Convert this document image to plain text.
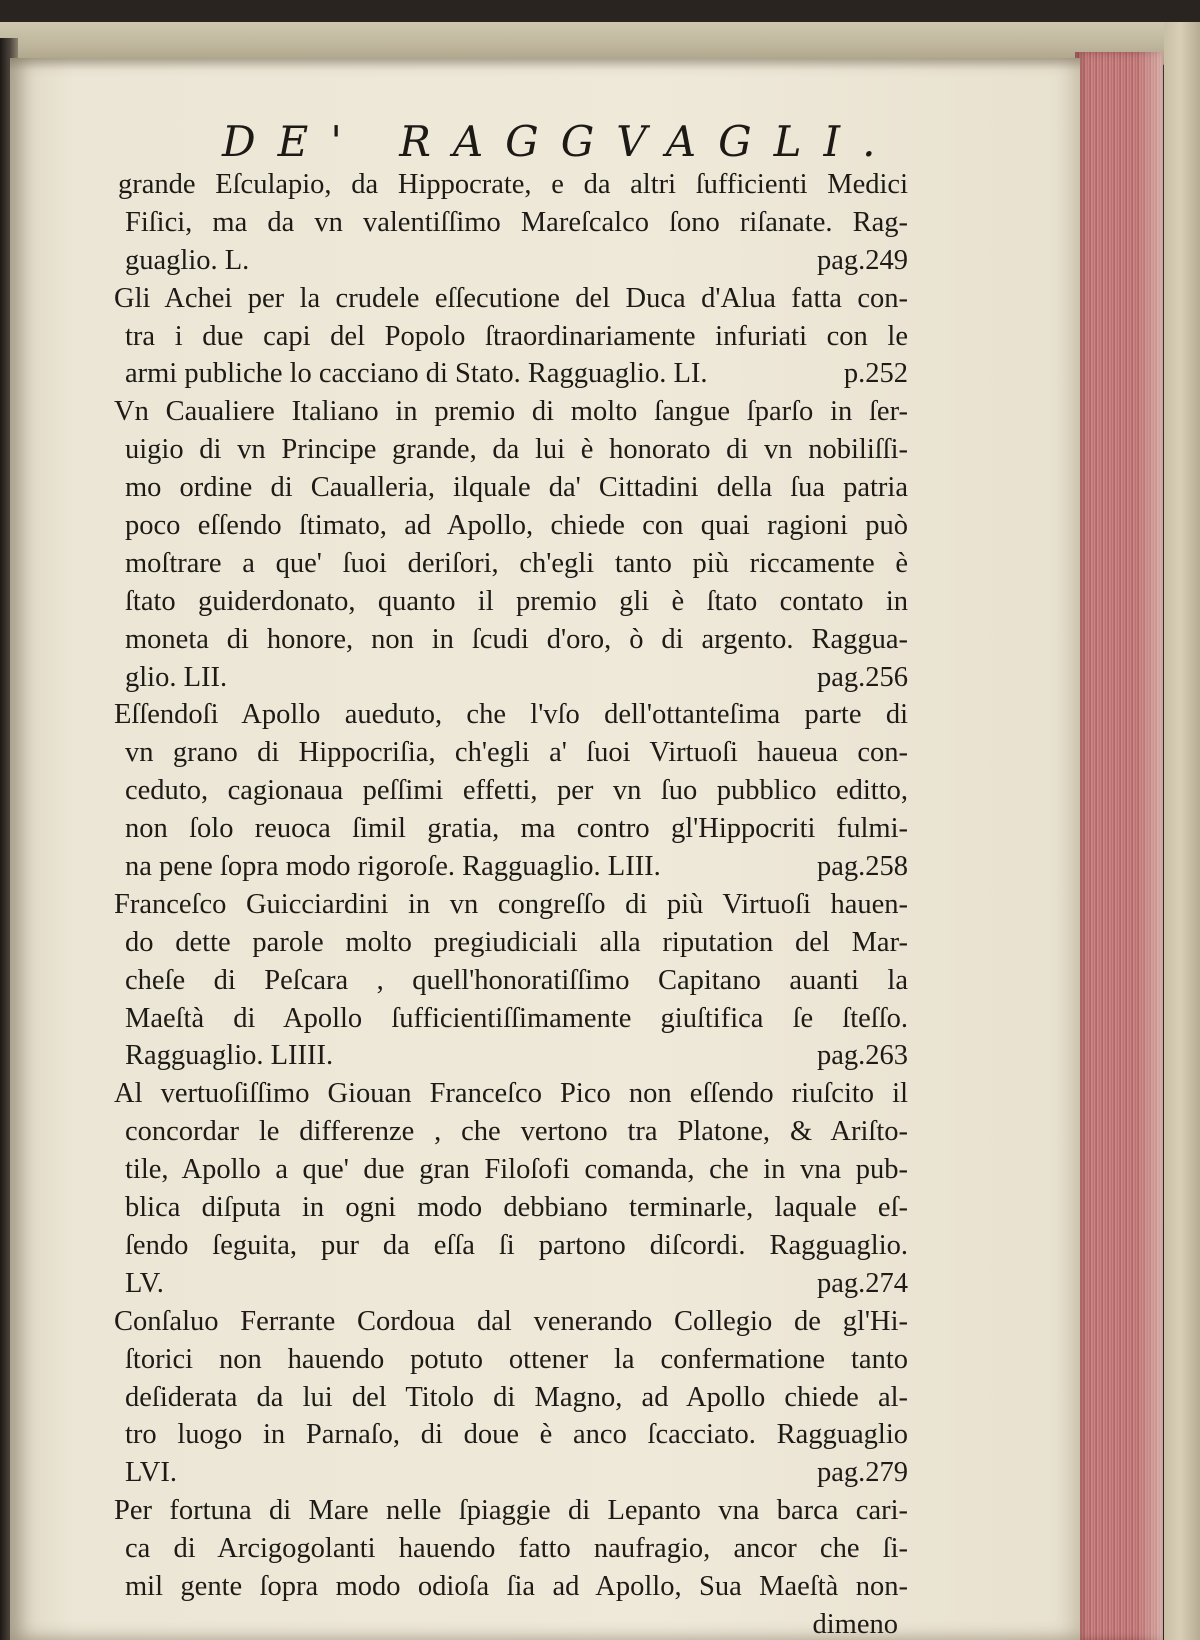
DE' RAGGVAGLI.
grande Eſculapio, da Hippocrate, e da altri ſufficienti Medici
Fiſici, ma da vn valentiſſimo Mareſcalco ſono riſanate. Rag-
guaglio. L.	pag.249
Gli Achei per la crudele eſſecutione del Duca d'Alua fatta con-
tra i due capi del Popolo ſtraordinariamente infuriati con le
armi publiche lo cacciano di Stato. Ragguaglio. LI.	p.252
Vn Caualiere Italiano in premio di molto ſangue ſparſo in ſer-
uigio di vn Principe grande, da lui è honorato di vn nobiliſſi-
mo ordine di Caualleria, ilquale da' Cittadini della ſua patria
poco eſſendo ſtimato, ad Apollo, chiede con quai ragioni può
moſtrare a que' ſuoi deriſori, ch'egli tanto più riccamente è
ſtato guiderdonato, quanto il premio gli è ſtato contato in
moneta di honore, non in ſcudi d'oro, ò di argento. Raggua-
glio. LII.	pag.256
Eſſendoſi Apollo aueduto, che l'vſo dell'ottanteſima parte di
vn grano di Hippocriſia, ch'egli a' ſuoi Virtuoſi haueua con-
ceduto, cagionaua peſſimi effetti, per vn ſuo pubblico editto,
non ſolo reuoca ſimil gratia, ma contro gl'Hippocriti fulmi-
na pene ſopra modo rigoroſe. Ragguaglio. LIII.	pag.258
Franceſco Guicciardini in vn congreſſo di più Virtuoſi hauen-
do dette parole molto pregiudiciali alla riputation del Mar-
cheſe di Peſcara , quell'honoratiſſimo Capitano auanti la
Maeſtà di Apollo ſufficientiſſimamente giuſtifica ſe ſteſſo.
Ragguaglio. LIIII.	pag.263
Al vertuoſiſſimo Giouan Franceſco Pico non eſſendo riuſcito il
concordar le differenze , che vertono tra Platone, & Ariſto-
tile, Apollo a que' due gran Filoſofi comanda, che in vna pub-
blica diſputa in ogni modo debbiano terminarle, laquale eſ-
ſendo ſeguita, pur da eſſa ſi partono diſcordi. Ragguaglio.
LV.	pag.274
Conſaluo Ferrante Cordoua dal venerando Collegio de gl'Hi-
ſtorici non hauendo potuto ottener la confermatione tanto
deſiderata da lui del Titolo di Magno, ad Apollo chiede al-
tro luogo in Parnaſo, di doue è anco ſcacciato. Ragguaglio
LVI.	pag.279
Per fortuna di Mare nelle ſpiaggie di Lepanto vna barca cari-
ca di Arcigogolanti hauendo fatto naufragio, ancor che ſi-
mil gente ſopra modo odioſa ſia ad Apollo, Sua Maeſtà non-
dimeno
